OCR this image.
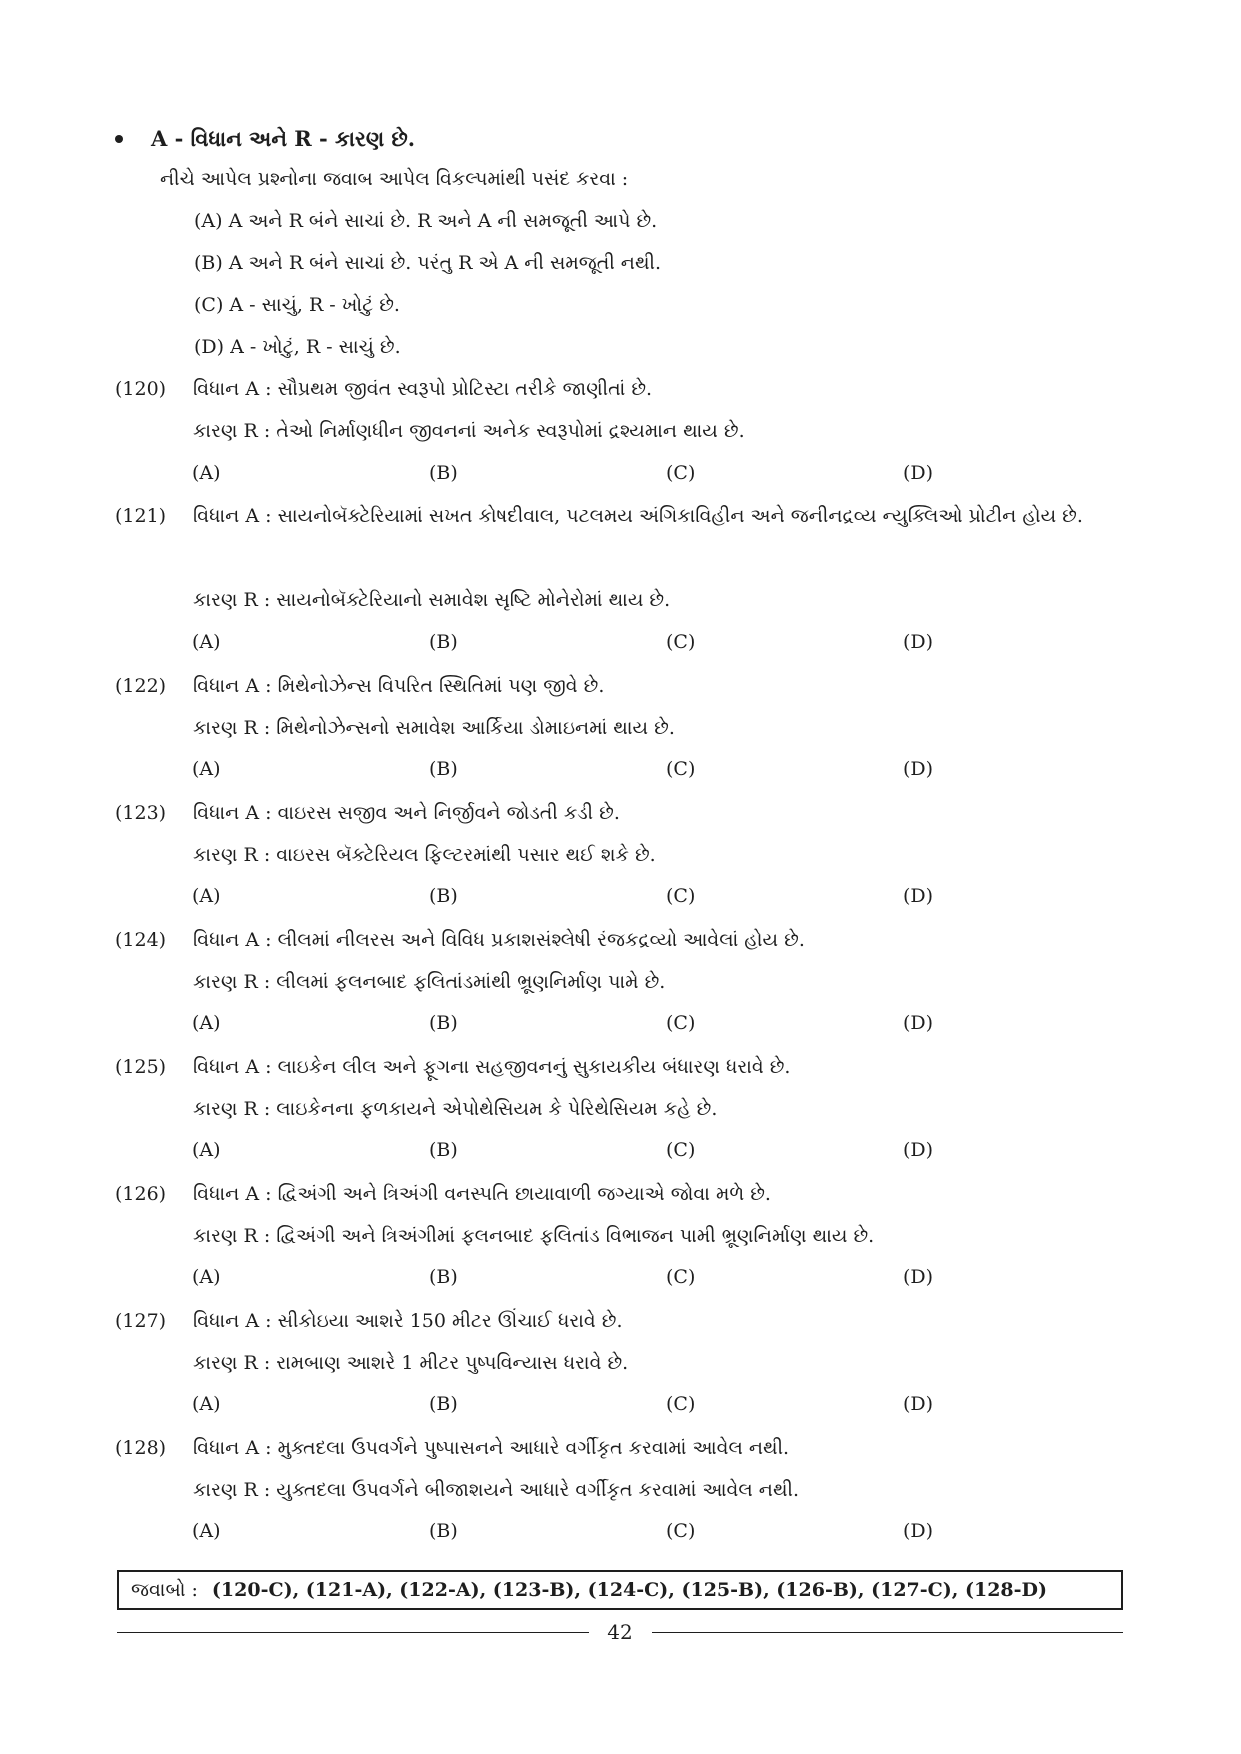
A - વિધાન અને R - કારણ છે.
નીચે આપેલ પ્રશ્નોના જવાબ આપેલ વિકલ્પમાંથી પસંદ કરવા :
(A) A અને R બંને સાચાં છે. R અને A ની સમજૂતી આપે છે.
(B) A અને R બંને સાચાં છે. પરંતુ R એ A ની સમજૂતી નથી.
(C) A - સાચું, R - ખોટું છે.
(D) A - ખોટું, R - સાચું છે.
(120) વિધાન A : સૌપ્રથમ જીવંત સ્વરૂપો પ્રોટિસ્ટા તરીકે જાણીતાં છે.
કારણ R : તેઓ નિર્માણધીન જીવનનાં અનેક સ્વરૂપોમાં દ્રશ્યમાન થાય છે.
(A)	(B)	(C)	(D)
(121) વિધાન A : સાયનોબૅક્ટેરિયામાં સખત કોષદીવાલ, પટલમય અંગિકાવિહીન અને જનીનદ્રવ્ય ન્યુક્લિઓ પ્રોટીન હોય છે.
કારણ R : સાયનોબૅક્ટેરિયાનો સમાવેશ સૃષ્ટિ મોનેરોમાં થાય છે.
(A)	(B)	(C)	(D)
(122) વિધાન A : મિથેનોઝેન્સ વિપરિત સ્થિતિમાં પણ જીવે છે.
કારણ R : મિથેનોઝેન્સનો સમાવેશ આર્કિયા ડોમાઇનમાં થાય છે.
(A)	(B)	(C)	(D)
(123) વિધાન A : વાઇરસ સજીવ અને નિર્જીવને જોડતી કડી છે.
કારણ R : વાઇરસ બૅક્ટેરિયલ ફિલ્ટરમાંથી પસાર થઈ શકે છે.
(A)	(B)	(C)	(D)
(124) વિધાન A : લીલમાં નીલરસ અને વિવિધ પ્રકાશસંશ્લેષી રંજકદ્રવ્યો આવેલાં હોય છે.
કારણ R : લીલમાં ફલનબાદ ફલિતાંડમાંથી ભ્રૂણનિર્માણ પામે છે.
(A)	(B)	(C)	(D)
(125) વિધાન A : લાઇકેન લીલ અને ફૂગના સહજીવનનું સુકાયકીય બંધારણ ધરાવે છે.
કારણ R : લાઇકેનના ફળકાયને એપોથેસિયમ કે પેરિથેસિયમ કહે છે.
(A)	(B)	(C)	(D)
(126) વિધાન A : દ્વિઅંગી અને ત્રિઅંગી વનસ્પતિ છાયાવાળી જગ્યાએ જોવા મળે છે.
કારણ R : દ્વિઅંગી અને ત્રિઅંગીમાં ફલનબાદ ફલિતાંડ વિભાજન પામી ભ્રૂણનિર્માણ થાય છે.
(A)	(B)	(C)	(D)
(127) વિધાન A : સીકોઇયા આશરે 150 મીટર ઊંચાઈ ધરાવે છે.
કારણ R : રામબાણ આશરે 1 મીટર પુષ્પવિન્યાસ ધરાવે છે.
(A)	(B)	(C)	(D)
(128) વિધાન A : મુક્તદલા ઉપવર્ગને પુષ્પાસનને આધારે વર્ગીકૃત કરવામાં આવેલ નથી.
કારણ R : યુક્તદલા ઉપવર્ગને બીજાશયને આધારે વર્ગીકૃત કરવામાં આવેલ નથી.
(A)	(B)	(C)	(D)
જવાબો : (120-C), (121-A), (122-A), (123-B), (124-C), (125-B), (126-B), (127-C), (128-D)
42
